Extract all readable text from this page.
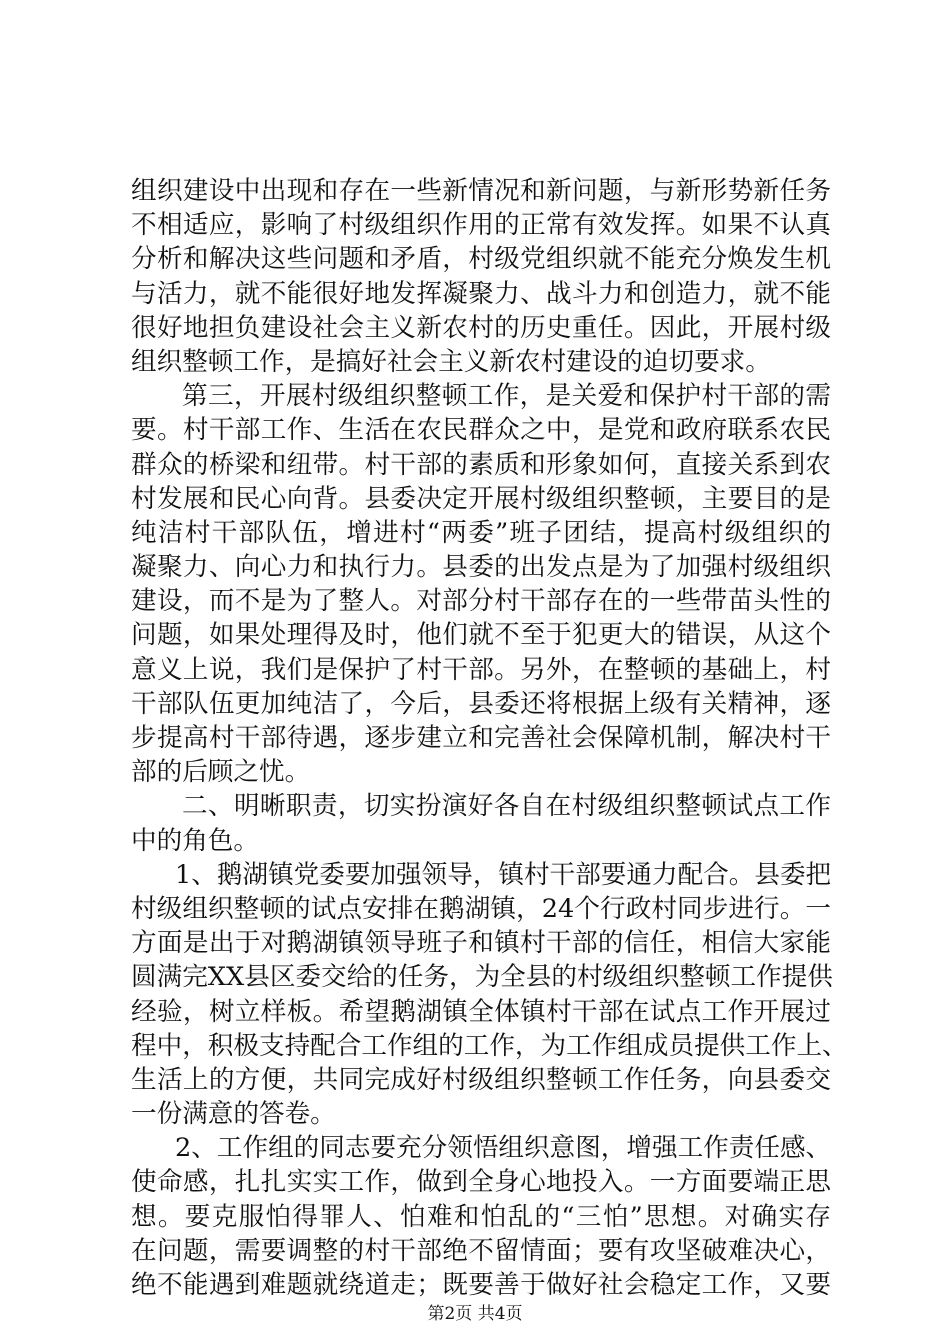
组织建设中出现和存在一些新情况和新问题，与新形势新任务
不相适应，影响了村级组织作用的正常有效发挥。如果不认真
分析和解决这些问题和矛盾，村级党组织就不能充分焕发生机
与活力，就不能很好地发挥凝聚力、战斗力和创造力，就不能
很好地担负建设社会主义新农村的历史重任。因此，开展村级
组织整顿工作，是搞好社会主义新农村建设的迫切要求。
第三，开展村级组织整顿工作，是关爱和保护村干部的需
要。村干部工作、生活在农民群众之中，是党和政府联系农民
群众的桥梁和纽带。村干部的素质和形象如何，直接关系到农
村发展和民心向背。县委决定开展村级组织整顿，主要目的是
纯洁村干部队伍，增进村“两委”班子团结，提高村级组织的
凝聚力、向心力和执行力。县委的出发点是为了加强村级组织
建设，而不是为了整人。对部分村干部存在的一些带苗头性的
问题，如果处理得及时，他们就不至于犯更大的错误，从这个
意义上说，我们是保护了村干部。另外，在整顿的基础上，村
干部队伍更加纯洁了，今后，县委还将根据上级有关精神，逐
步提高村干部待遇，逐步建立和完善社会保障机制，解决村干
部的后顾之忧。
二、明晰职责，切实扮演好各自在村级组织整顿试点工作
中的角色。
1、鹅湖镇党委要加强领导，镇村干部要通力配合。县委把
村级组织整顿的试点安排在鹅湖镇，24个行政村同步进行。一
方面是出于对鹅湖镇领导班子和镇村干部的信任，相信大家能
圆满完XX县区委交给的任务，为全县的村级组织整顿工作提供
经验，树立样板。希望鹅湖镇全体镇村干部在试点工作开展过
程中，积极支持配合工作组的工作，为工作组成员提供工作上、
生活上的方便，共同完成好村级组织整顿工作任务，向县委交
一份满意的答卷。
2、工作组的同志要充分领悟组织意图，增强工作责任感、
使命感，扎扎实实工作，做到全身心地投入。一方面要端正思
想。要克服怕得罪人、怕难和怕乱的“三怕”思想。对确实存
在问题，需要调整的村干部绝不留情面；要有攻坚破难决心，
绝不能遇到难题就绕道走；既要善于做好社会稳定工作，又要
第2页 共4页
